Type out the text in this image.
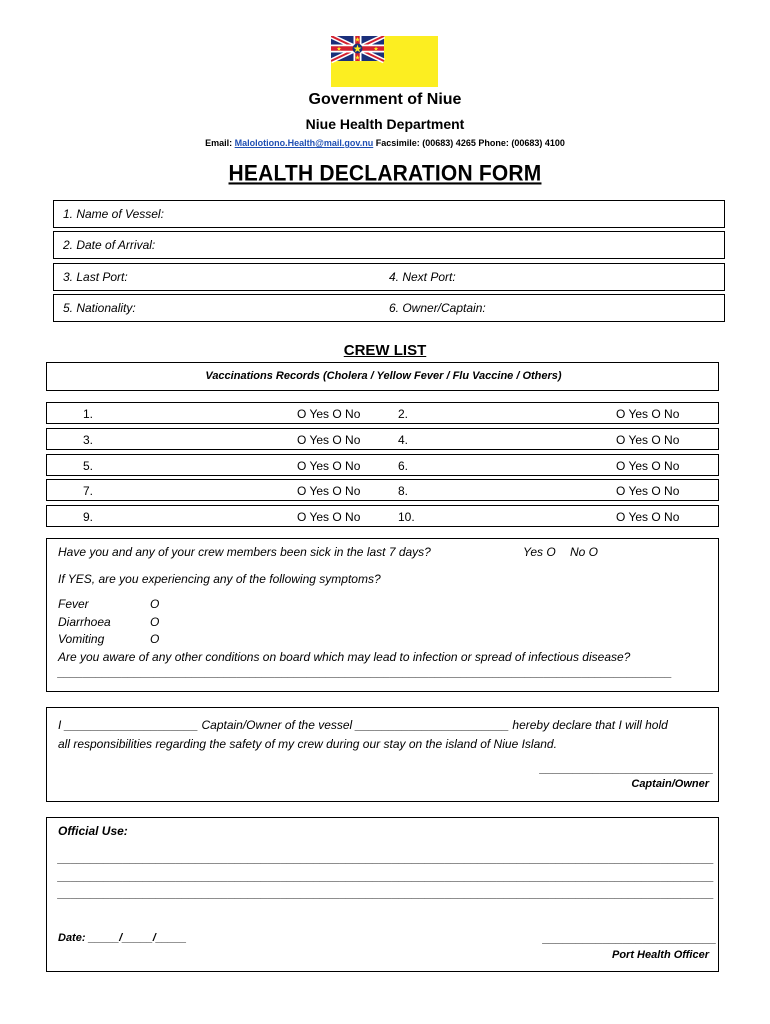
Government of Niue
Niue Health Department
Email: Malolotiono.Health@mail.gov.nu Facsimile: (00683) 4265 Phone: (00683) 4100
HEALTH DECLARATION FORM
1. Name of Vessel:
2. Date of Arrival:
3. Last Port:	4. Next Port:
5. Nationality:	6. Owner/Captain:
CREW LIST
Vaccinations Records (Cholera / Yellow Fever / Flu Vaccine / Others)
1.	O Yes O No	2.	O Yes O No
3.	O Yes O No	4.	O Yes O No
5.	O Yes O No	6.	O Yes O No
7.	O Yes O No	8.	O Yes O No
9.	O Yes O No	10.	O Yes O No
Have you and any of your crew members been sick in the last 7 days?	Yes O No O
If YES, are you experiencing any of the following symptoms?
Fever	O
Diarrhoea	O
Vomiting	O
Are you aware of any other conditions on board which may lead to infection or spread of infectious disease?
________________________________________________________________________________________________
I ____________________ Captain/Owner of the vessel _______________________ hereby declare that I will hold
all responsibilities regarding the safety of my crew during our stay on the island of Niue Island.
__________________________
Captain/Owner
Official Use:
____________________________________________________________________________________________________
____________________________________________________________________________________________________
____________________________________________________________________________________________________
Date: _____/_____/_____	__________________________
Port Health Officer
